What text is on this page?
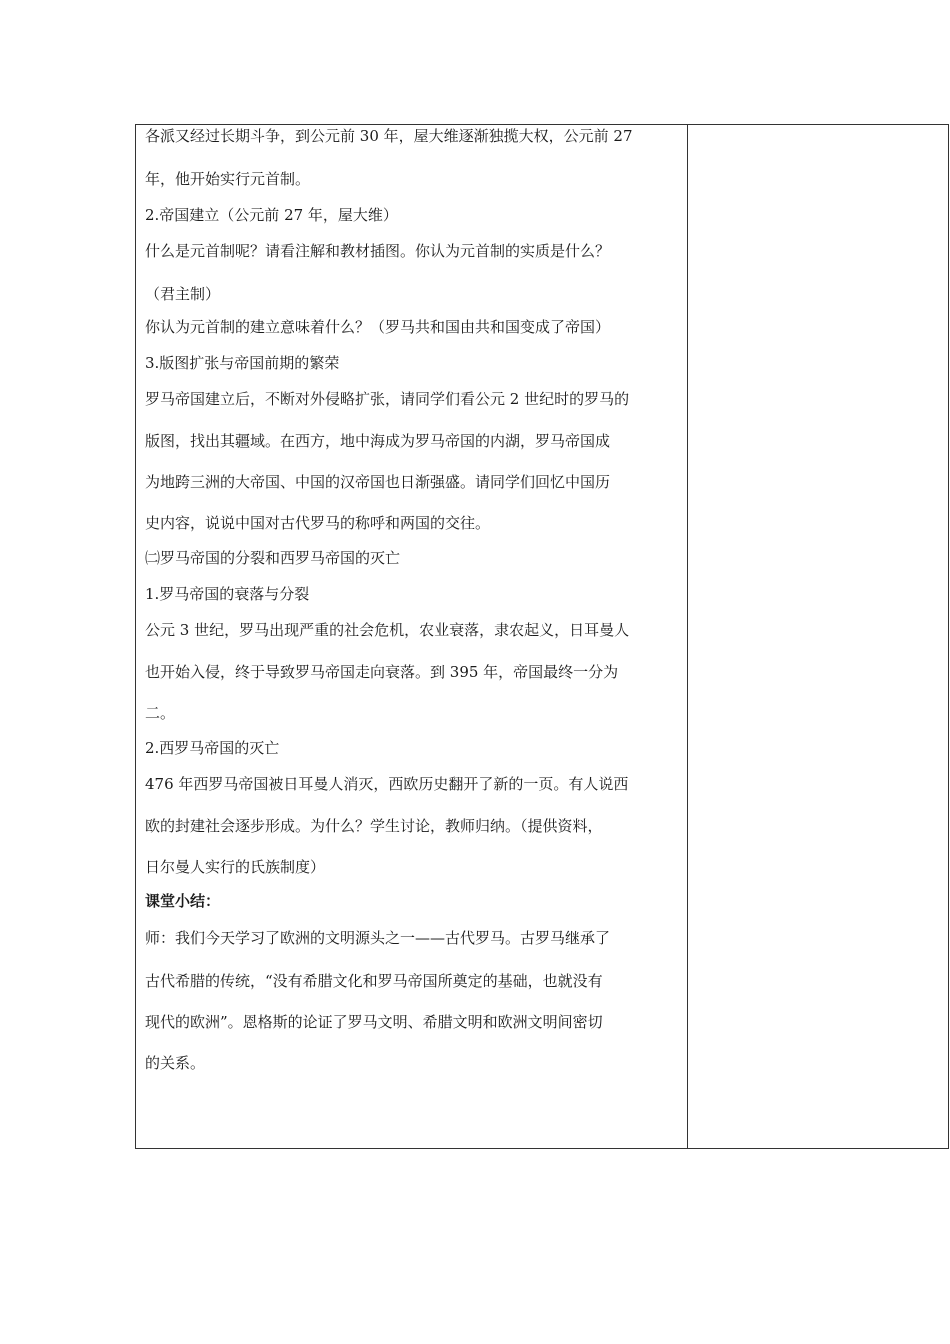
各派又经过长期斗争，到公元前 30 年，屋大维逐渐独揽大权，公元前 27
年，他开始实行元首制。
2.帝国建立（公元前 27 年，屋大维）
什么是元首制呢？请看注解和教材插图。你认为元首制的实质是什么？
（君主制）
你认为元首制的建立意味着什么？（罗马共和国由共和国变成了帝国）
3.版图扩张与帝国前期的繁荣
罗马帝国建立后，不断对外侵略扩张，请同学们看公元 2 世纪时的罗马的
版图，找出其疆域。在西方，地中海成为罗马帝国的内湖，罗马帝国成
为地跨三洲的大帝国、中国的汉帝国也日渐强盛。请同学们回忆中国历
史内容，说说中国对古代罗马的称呼和两国的交往。
㈡罗马帝国的分裂和西罗马帝国的灭亡
1.罗马帝国的衰落与分裂
公元 3 世纪，罗马出现严重的社会危机，农业衰落，隶农起义，日耳曼人
也开始入侵，终于导致罗马帝国走向衰落。到 395 年，帝国最终一分为
二。
2.西罗马帝国的灭亡
476 年西罗马帝国被日耳曼人消灭，西欧历史翻开了新的一页。有人说西
欧的封建社会逐步形成。为什么？学生讨论，教师归纳。（提供资料，
日尔曼人实行的氏族制度）
课堂小结：
师：我们今天学习了欧洲的文明源头之一——古代罗马。古罗马继承了
古代希腊的传统，“没有希腊文化和罗马帝国所奠定的基础，也就没有
现代的欧洲”。恩格斯的论证了罗马文明、希腊文明和欧洲文明间密切
的关系。
